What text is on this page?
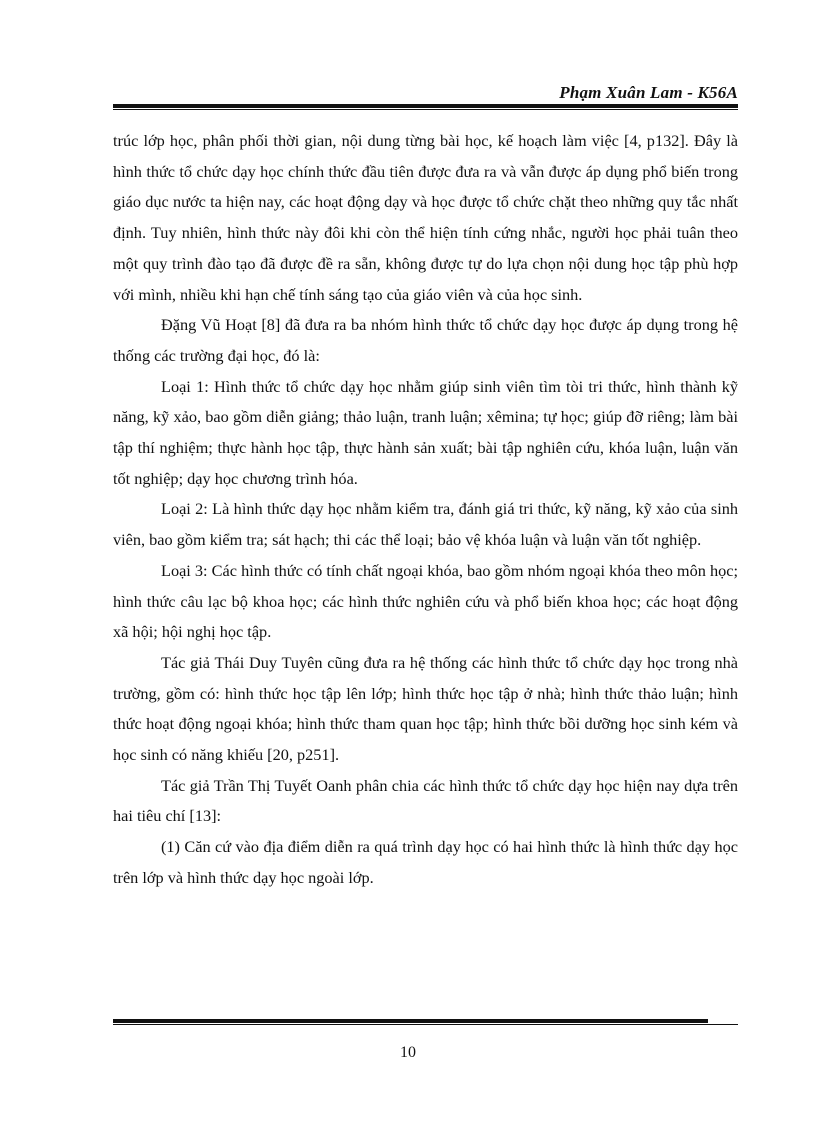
Phạm Xuân Lam - K56A

trúc lớp học, phân phối thời gian, nội dung từng bài học, kế hoạch làm việc [4, p132]. Đây là hình thức tổ chức dạy học chính thức đầu tiên được đưa ra và vẫn được áp dụng phổ biến trong giáo dục nước ta hiện nay, các hoạt động dạy và học được tổ chức chặt theo những quy tắc nhất định. Tuy nhiên, hình thức này đôi khi còn thể hiện tính cứng nhắc, người học phải tuân theo một quy trình đào tạo đã được đề ra sẵn, không được tự do lựa chọn nội dung học tập phù hợp với mình, nhiều khi hạn chế tính sáng tạo của giáo viên và của học sinh.

Đặng Vũ Hoạt [8] đã đưa ra ba nhóm hình thức tổ chức dạy học được áp dụng trong hệ thống các trường đại học, đó là:

Loại 1: Hình thức tổ chức dạy học nhằm giúp sinh viên tìm tòi tri thức, hình thành kỹ năng, kỹ xảo, bao gồm diễn giảng; thảo luận, tranh luận; xêmina; tự học; giúp đỡ riêng; làm bài tập thí nghiệm; thực hành học tập, thực hành sản xuất; bài tập nghiên cứu, khóa luận, luận văn tốt nghiệp; dạy học chương trình hóa.

Loại 2: Là hình thức dạy học nhằm kiểm tra, đánh giá tri thức, kỹ năng, kỹ xảo của sinh viên, bao gồm kiểm tra; sát hạch; thi các thể loại; bảo vệ khóa luận và luận văn tốt nghiệp.

Loại 3: Các hình thức có tính chất ngoại khóa, bao gồm nhóm ngoại khóa theo môn học; hình thức câu lạc bộ khoa học; các hình thức nghiên cứu và phổ biến khoa học; các hoạt động xã hội; hội nghị học tập.

Tác giả Thái Duy Tuyên cũng đưa ra hệ thống các hình thức tổ chức dạy học trong nhà trường, gồm có: hình thức học tập lên lớp; hình thức học tập ở nhà; hình thức thảo luận; hình thức hoạt động ngoại khóa; hình thức tham quan học tập; hình thức bồi dưỡng học sinh kém và học sinh có năng khiếu [20, p251].

Tác giả Trần Thị Tuyết Oanh phân chia các hình thức tổ chức dạy học hiện nay dựa trên hai tiêu chí [13]:

(1) Căn cứ vào địa điểm diễn ra quá trình dạy học có hai hình thức là hình thức dạy học trên lớp và hình thức dạy học ngoài lớp.

10
